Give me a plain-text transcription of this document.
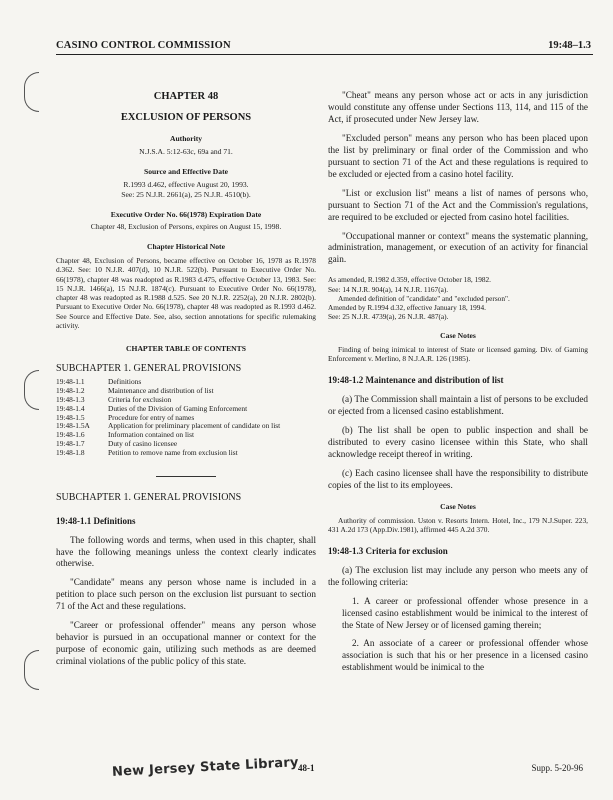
CASINO CONTROL COMMISSION	19:48–1.3
CHAPTER 48
EXCLUSION OF PERSONS
Authority
N.J.S.A. 5:12-63c, 69a and 71.
Source and Effective Date
R.1993 d.462, effective August 20, 1993.
See: 25 N.J.R. 2661(a), 25 N.J.R. 4510(b).
Executive Order No. 66(1978) Expiration Date
Chapter 48, Exclusion of Persons, expires on August 15, 1998.
Chapter Historical Note
Chapter 48, Exclusion of Persons, became effective on October 16, 1978 as R.1978 d.362. See: 10 N.J.R. 407(d), 10 N.J.R. 522(b). Pursuant to Executive Order No. 66(1978), chapter 48 was readopted as R.1983 d.475, effective October 13, 1983. See: 15 N.J.R. 1466(a), 15 N.J.R. 1874(c). Pursuant to Executive Order No. 66(1978), chapter 48 was readopted as R.1988 d.525. See 20 N.J.R. 2252(a), 20 N.J.R. 2802(b). Pursuant to Executive Order No. 66(1978), chapter 48 was readopted as R.1993 d.462. See Source and Effective Date. See, also, section annotations for specific rulemaking activity.
CHAPTER TABLE OF CONTENTS
SUBCHAPTER 1. GENERAL PROVISIONS
19:48-1.1	Definitions
19:48-1.2	Maintenance and distribution of list
19:48-1.3	Criteria for exclusion
19:48-1.4	Duties of the Division of Gaming Enforcement
19:48-1.5	Procedure for entry of names
19:48-1.5A	Application for preliminary placement of candidate on list
19:48-1.6	Information contained on list
19:48-1.7	Duty of casino licensee
19:48-1.8	Petition to remove name from exclusion list
SUBCHAPTER 1. GENERAL PROVISIONS
19:48-1.1 Definitions
The following words and terms, when used in this chapter, shall have the following meanings unless the context clearly indicates otherwise.
"Candidate" means any person whose name is included in a petition to place such person on the exclusion list pursuant to section 71 of the Act and these regulations.
"Career or professional offender" means any person whose behavior is pursued in an occupational manner or context for the purpose of economic gain, utilizing such methods as are deemed criminal violations of the public policy of this state.
"Cheat" means any person whose act or acts in any jurisdiction would constitute any offense under Sections 113, 114, and 115 of the Act, if prosecuted under New Jersey law.
"Excluded person" means any person who has been placed upon the list by preliminary or final order of the Commission and who pursuant to section 71 of the Act and these regulations is required to be excluded or ejected from a casino hotel facility.
"List or exclusion list" means a list of names of persons who, pursuant to Section 71 of the Act and the Commission's regulations, are required to be excluded or ejected from casino hotel facilities.
"Occupational manner or context" means the systematic planning, administration, management, or execution of an activity for financial gain.
As amended, R.1982 d.359, effective October 18, 1982.
See: 14 N.J.R. 904(a), 14 N.J.R. 1167(a).
Amended definition of "candidate" and "excluded person".
Amended by R.1994 d.32, effective January 18, 1994.
See: 25 N.J.R. 4739(a), 26 N.J.R. 487(a).
Case Notes
Finding of being inimical to interest of State or licensed gaming. Div. of Gaming Enforcement v. Merlino, 8 N.J.A.R. 126 (1985).
19:48-1.2 Maintenance and distribution of list
(a) The Commission shall maintain a list of persons to be excluded or ejected from a licensed casino establishment.
(b) The list shall be open to public inspection and shall be distributed to every casino licensee within this State, who shall acknowledge receipt thereof in writing.
(c) Each casino licensee shall have the responsibility to distribute copies of the list to its employees.
Case Notes
Authority of commission. Uston v. Resorts Intern. Hotel, Inc., 179 N.J.Super. 223, 431 A.2d 173 (App.Div.1981), affirmed 445 A.2d 370.
19:48-1.3 Criteria for exclusion
(a) The exclusion list may include any person who meets any of the following criteria:
1. A career or professional offender whose presence in a licensed casino establishment would be inimical to the interest of the State of New Jersey or of licensed gaming therein;
2. An associate of a career or professional offender whose association is such that his or her presence in a licensed casino establishment would be inimical to the
New Jersey State Library 48-1	Supp. 5-20-96
